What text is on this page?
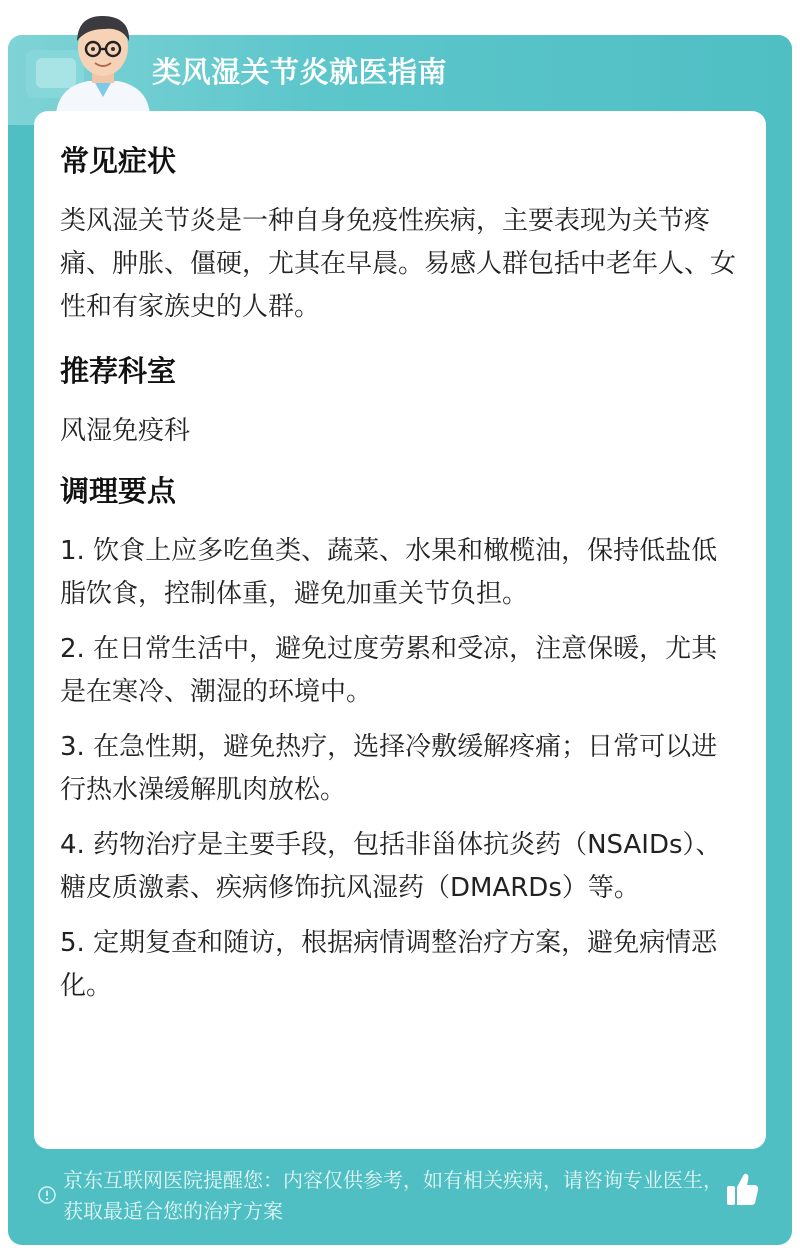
类风湿关节炎就医指南
常见症状
类风湿关节炎是一种自身免疫性疾病，主要表现为关节疼痛、肿胀、僵硬，尤其在早晨。易感人群包括中老年人、女性和有家族史的人群。
推荐科室
风湿免疫科
调理要点
1. 饮食上应多吃鱼类、蔬菜、水果和橄榄油，保持低盐低脂饮食，控制体重，避免加重关节负担。
2. 在日常生活中，避免过度劳累和受凉，注意保暖，尤其是在寒冷、潮湿的环境中。
3. 在急性期，避免热疗，选择冷敷缓解疼痛；日常可以进行热水澡缓解肌肉放松。
4. 药物治疗是主要手段，包括非甾体抗炎药（NSAIDs）、糖皮质激素、疾病修饰抗风湿药（DMARDs）等。
5. 定期复查和随访，根据病情调整治疗方案，避免病情恶化。
京东互联网医院提醒您：内容仅供参考，如有相关疾病，请咨询专业医生，获取最适合您的治疗方案
